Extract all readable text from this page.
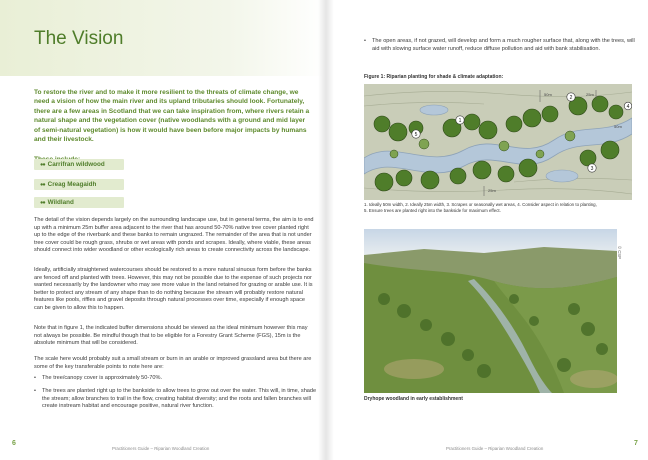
The Vision

To restore the river and to make it more resilient to the threats of climate change, we need a vision of how the main river and its upland tributaries should look. Fortunately, there are a few areas in Scotland that we can take inspiration from, where rivers retain a natural shape and the vegetation cover (native woodlands with a ground and mid layer of semi-natural vegetation) is how it would have been before major impacts by humans and their livestock.

●● Carrifran wildwood
●● Creag Meagaidh
●● Wildland

The detail of the vision depends largely on the surrounding landscape use, but in general terms, the aim is to end up with a minimum 25m buffer area adjacent to the river that has around 50-70% native tree cover planted right up to the edge of the riverbank and these banks to remain ungrazed. The remainder of the area that is not under tree cover could be rough grass, shrubs or wet areas with ponds and scrapes. Ideally, where viable, these areas should connect into wider woodland or other ecologically rich areas to create connectivity across the landscape.

Ideally, artificially straightened watercourses should be restored to a more natural sinuous form before the banks are fenced off and planted with trees. However, this may not be possible due to the expense of such projects nor wanted necessarily by the landowner who may see more value in the land retained for grazing or arable use. It is better to protect any stream of any shape than to do nothing because the stream will probably restore natural features like pools, riffles and gravel deposits through natural processes over time, especially if enough space can be given to allow this to happen.

Note that in figure 1, the indicated buffer dimensions should be viewed as the ideal minimum however this may not always be possible. Be mindful though that to be eligible for a Forestry Grant Scheme (FGS), 15m is the absolute minimum that will be considered.

The scale here would probably suit a small stream or burn in an arable or improved grassland area but there are some of the key transferable points to note here are:

• The tree/canopy cover is approximately 50-70%.

• The trees are planted right up to the bankside to allow trees to grow out over the water. This will, in time, shade the stream; allow branches to trail in the flow, creating habitat diversity; and the roots and fallen branches will create instream habitat and encourage positive, natural river function.

6
Practitioners Guide – Riparian Woodland Creation

• The open areas, if not grazed, will develop and form a much rougher surface that, along with the trees, will aid with slowing surface water runoff, reduce diffuse pollution and aid with bank stabilisation.

Figure 1: Riparian planting for shade & climate adaptation:
50m	25m
25m
50m
1
2
3
4
5

1. Ideally 50m width, 2. Ideally 25m width, 3. Scrapes or seasonally wet areas, 4. Consider aspect in relation to planting,
5. Ensure trees are planted right into the bankside for maximum effect.

© CSP
Dryhope woodland in early establishment
Practitioners Guide – Riparian Woodland Creation
7
